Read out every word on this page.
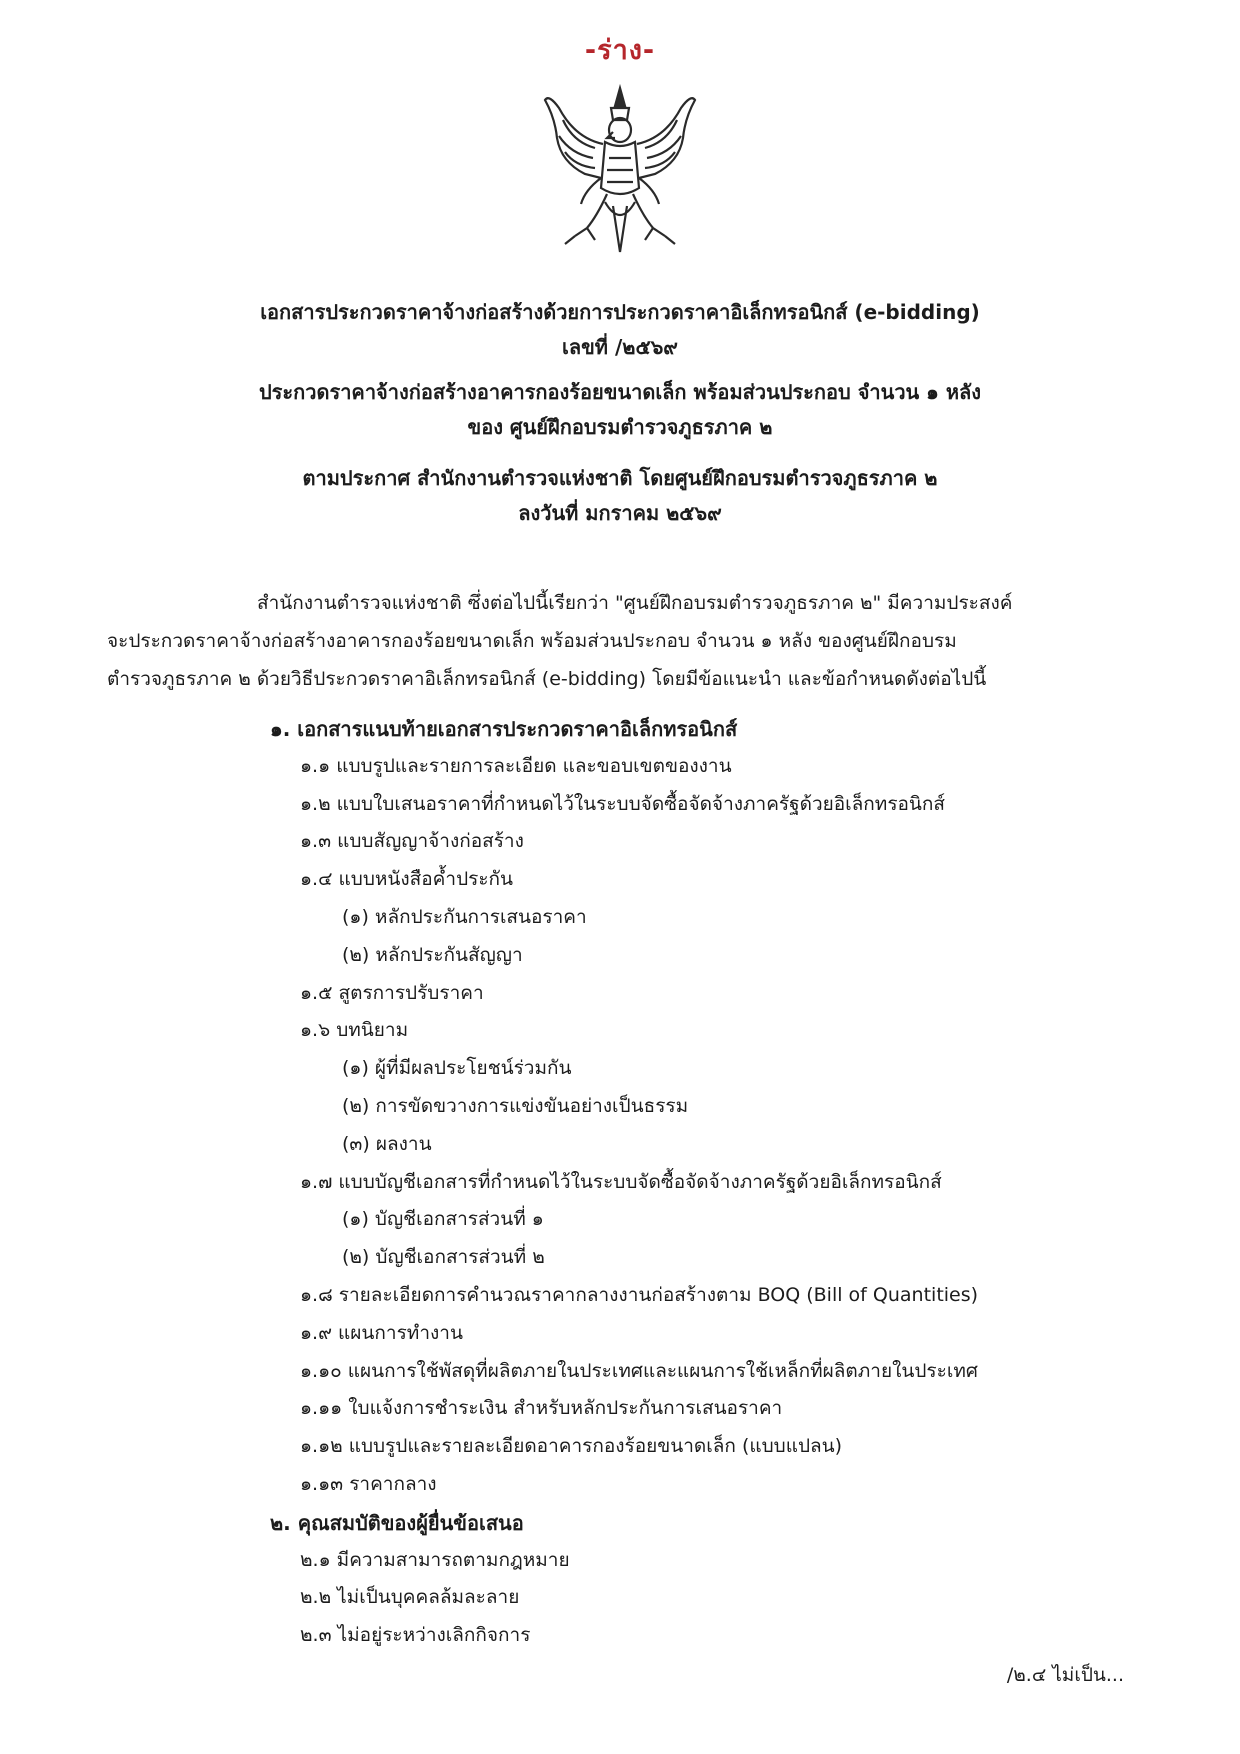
-ร่าง-
เอกสารประกวดราคาจ้างก่อสร้างด้วยการประกวดราคาอิเล็กทรอนิกส์ (e-bidding)
เลขที่ /๒๕๖๙
ประกวดราคาจ้างก่อสร้างอาคารกองร้อยขนาดเล็ก พร้อมส่วนประกอบ จำนวน ๑ หลัง
ของ ศูนย์ฝึกอบรมตำรวจภูธรภาค ๒
ตามประกาศ สำนักงานตำรวจแห่งชาติ โดยศูนย์ฝึกอบรมตำรวจภูธรภาค ๒
ลงวันที่ มกราคม ๒๕๖๙
สำนักงานตำรวจแห่งชาติ ซึ่งต่อไปนี้เรียกว่า "ศูนย์ฝึกอบรมตำรวจภูธรภาค ๒" มีความประสงค์
จะประกวดราคาจ้างก่อสร้างอาคารกองร้อยขนาดเล็ก พร้อมส่วนประกอบ จำนวน ๑ หลัง ของศูนย์ฝึกอบรม
ตำรวจภูธรภาค ๒ ด้วยวิธีประกวดราคาอิเล็กทรอนิกส์ (e-bidding) โดยมีข้อแนะนำ และข้อกำหนดดังต่อไปนี้
๑. เอกสารแนบท้ายเอกสารประกวดราคาอิเล็กทรอนิกส์
๑.๑ แบบรูปและรายการละเอียด และขอบเขตของงาน
๑.๒ แบบใบเสนอราคาที่กำหนดไว้ในระบบจัดซื้อจัดจ้างภาครัฐด้วยอิเล็กทรอนิกส์
๑.๓ แบบสัญญาจ้างก่อสร้าง
๑.๔ แบบหนังสือค้ำประกัน
(๑) หลักประกันการเสนอราคา
(๒) หลักประกันสัญญา
๑.๕ สูตรการปรับราคา
๑.๖ บทนิยาม
(๑) ผู้ที่มีผลประโยชน์ร่วมกัน
(๒) การขัดขวางการแข่งขันอย่างเป็นธรรม
(๓) ผลงาน
๑.๗ แบบบัญชีเอกสารที่กำหนดไว้ในระบบจัดซื้อจัดจ้างภาครัฐด้วยอิเล็กทรอนิกส์
(๑) บัญชีเอกสารส่วนที่ ๑
(๒) บัญชีเอกสารส่วนที่ ๒
๑.๘ รายละเอียดการคำนวณราคากลางงานก่อสร้างตาม BOQ (Bill of Quantities)
๑.๙ แผนการทำงาน
๑.๑๐ แผนการใช้พัสดุที่ผลิตภายในประเทศและแผนการใช้เหล็กที่ผลิตภายในประเทศ
๑.๑๑ ใบแจ้งการชำระเงิน สำหรับหลักประกันการเสนอราคา
๑.๑๒ แบบรูปและรายละเอียดอาคารกองร้อยขนาดเล็ก (แบบแปลน)
๑.๑๓ ราคากลาง
๒. คุณสมบัติของผู้ยื่นข้อเสนอ
๒.๑ มีความสามารถตามกฎหมาย
๒.๒ ไม่เป็นบุคคลล้มละลาย
๒.๓ ไม่อยู่ระหว่างเลิกกิจการ
/๒.๔ ไม่เป็น...
